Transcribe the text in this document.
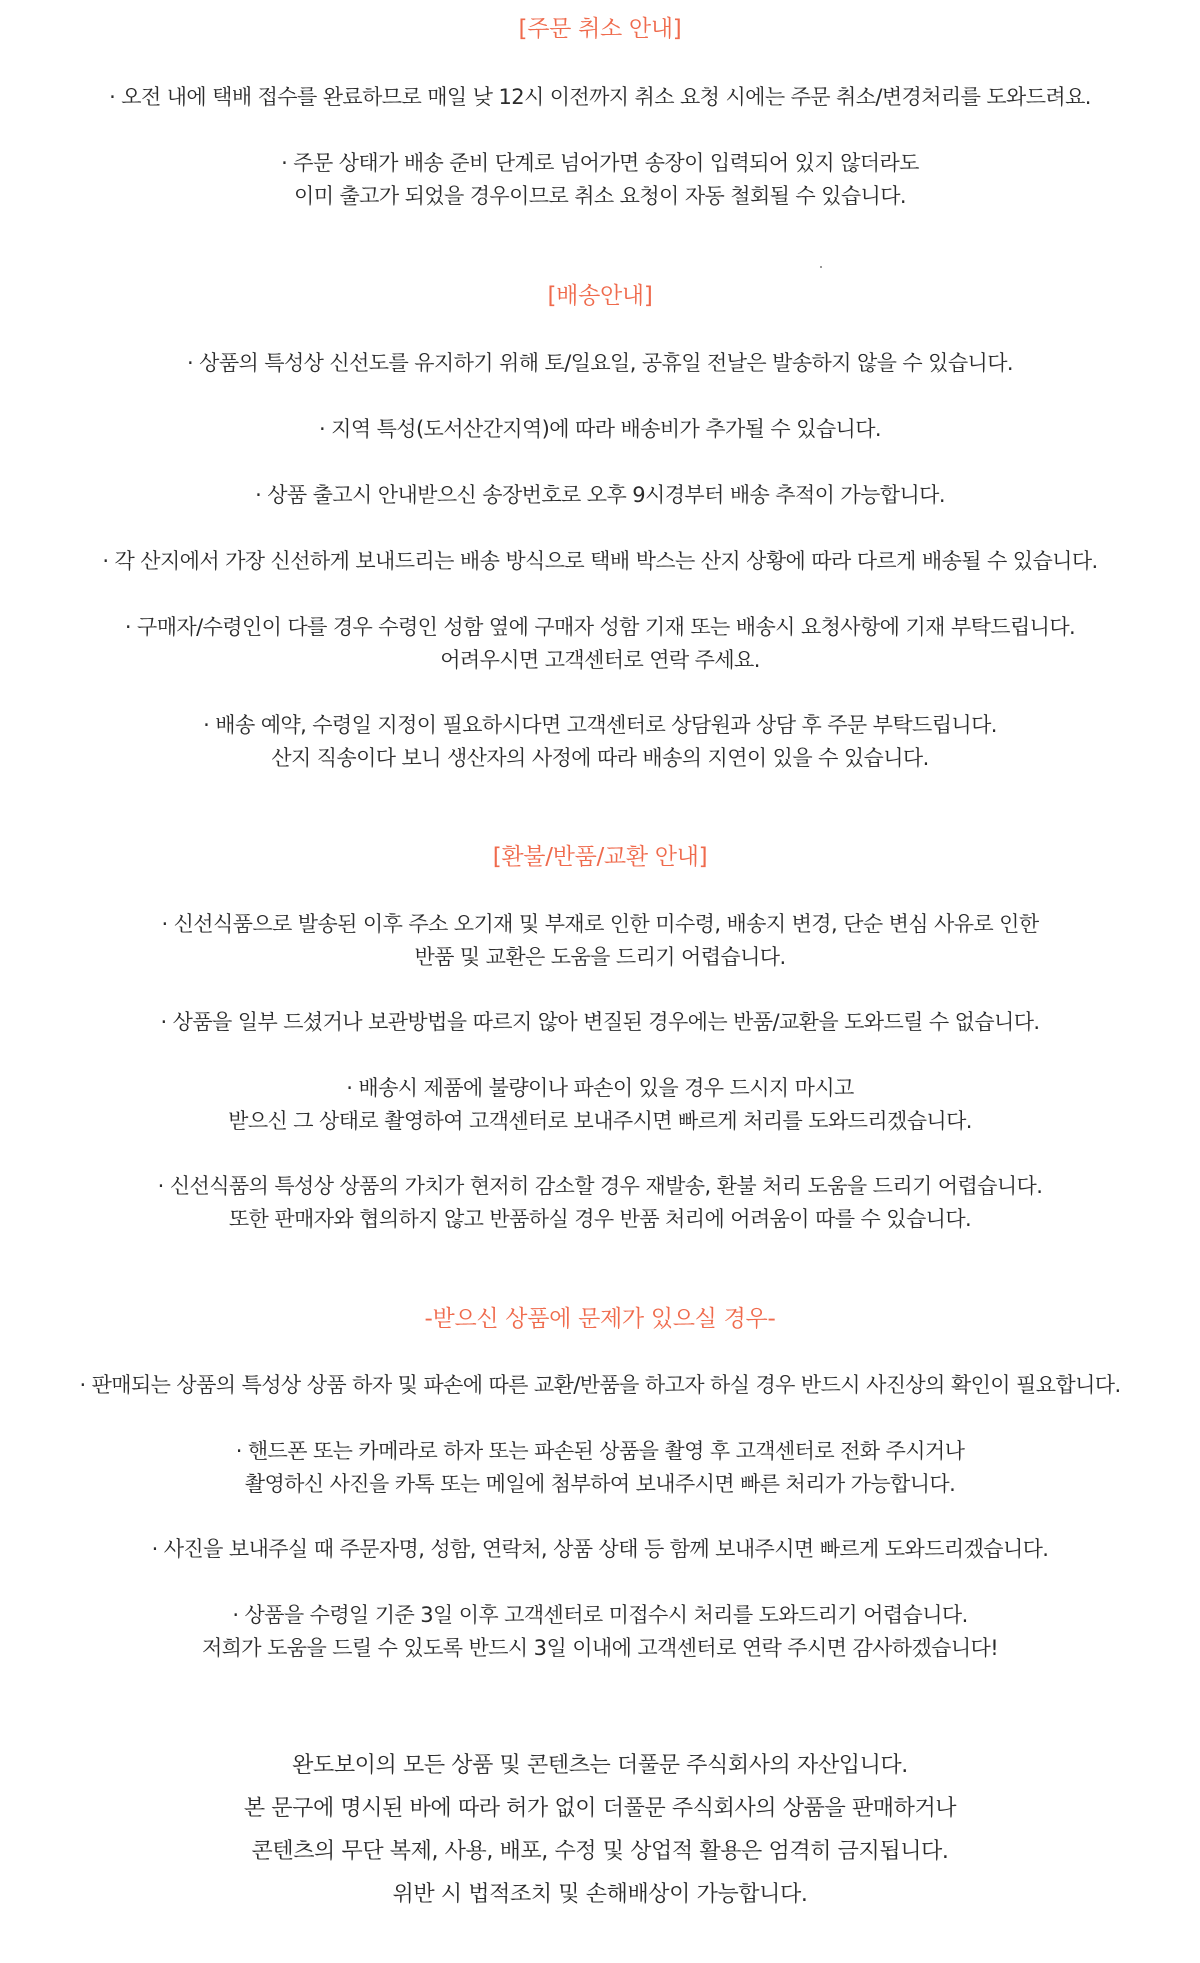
[주문 취소 안내]
· 오전 내에 택배 접수를 완료하므로 매일 낮 12시 이전까지 취소 요청 시에는 주문 취소/변경처리를 도와드려요.
· 주문 상태가 배송 준비 단계로 넘어가면 송장이 입력되어 있지 않더라도
이미 출고가 되었을 경우이므로 취소 요청이 자동 철회될 수 있습니다.
[배송안내]
· 상품의 특성상 신선도를 유지하기 위해 토/일요일, 공휴일 전날은 발송하지 않을 수 있습니다.
· 지역 특성(도서산간지역)에 따라 배송비가 추가될 수 있습니다.
· 상품 출고시 안내받으신 송장번호로 오후 9시경부터 배송 추적이 가능합니다.
· 각 산지에서 가장 신선하게 보내드리는 배송 방식으로 택배 박스는 산지 상황에 따라 다르게 배송될 수 있습니다.
· 구매자/수령인이 다를 경우 수령인 성함 옆에 구매자 성함 기재 또는 배송시 요청사항에 기재 부탁드립니다.
어려우시면 고객센터로 연락 주세요.
· 배송 예약, 수령일 지정이 필요하시다면 고객센터로 상담원과 상담 후 주문 부탁드립니다.
산지 직송이다 보니 생산자의 사정에 따라 배송의 지연이 있을 수 있습니다.
[환불/반품/교환 안내]
· 신선식품으로 발송된 이후 주소 오기재 및 부재로 인한 미수령, 배송지 변경, 단순 변심 사유로 인한
반품 및 교환은 도움을 드리기 어렵습니다.
· 상품을 일부 드셨거나 보관방법을 따르지 않아 변질된 경우에는 반품/교환을 도와드릴 수 없습니다.
· 배송시 제품에 불량이나 파손이 있을 경우 드시지 마시고
받으신 그 상태로 촬영하여 고객센터로 보내주시면 빠르게 처리를 도와드리겠습니다.
· 신선식품의 특성상 상품의 가치가 현저히 감소할 경우 재발송, 환불 처리 도움을 드리기 어렵습니다.
또한 판매자와 협의하지 않고 반품하실 경우 반품 처리에 어려움이 따를 수 있습니다.
-받으신 상품에 문제가 있으실 경우-
· 판매되는 상품의 특성상 상품 하자 및 파손에 따른 교환/반품을 하고자 하실 경우 반드시 사진상의 확인이 필요합니다.
· 핸드폰 또는 카메라로 하자 또는 파손된 상품을 촬영 후 고객센터로 전화 주시거나
촬영하신 사진을 카톡 또는 메일에 첨부하여 보내주시면 빠른 처리가 가능합니다.
· 사진을 보내주실 때 주문자명, 성함, 연락처, 상품 상태 등 함께 보내주시면 빠르게 도와드리겠습니다.
· 상품을 수령일 기준 3일 이후 고객센터로 미접수시 처리를 도와드리기 어렵습니다.
저희가 도움을 드릴 수 있도록 반드시 3일 이내에 고객센터로 연락 주시면 감사하겠습니다!
완도보이의 모든 상품 및 콘텐츠는 더풀문 주식회사의 자산입니다.
본 문구에 명시된 바에 따라 허가 없이 더풀문 주식회사의 상품을 판매하거나
콘텐츠의 무단 복제, 사용, 배포, 수정 및 상업적 활용은 엄격히 금지됩니다.
위반 시 법적조치 및 손해배상이 가능합니다.
